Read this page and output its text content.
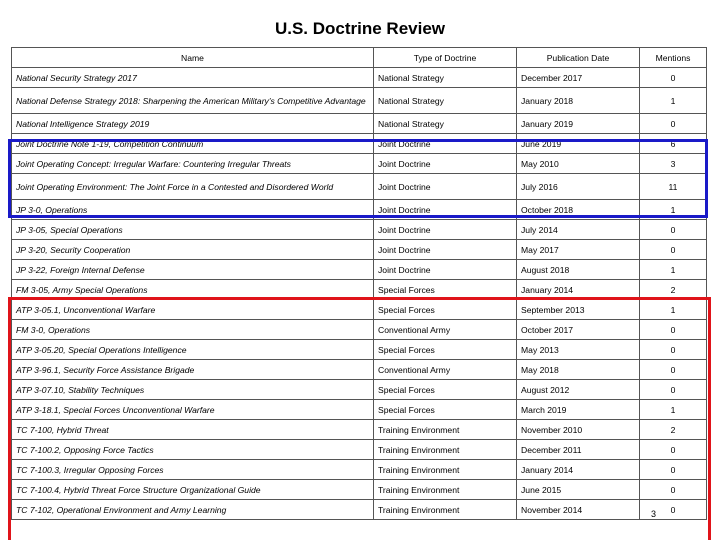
U.S. Doctrine Review
Name	Type of Doctrine	Publication Date	Mentions
National Security Strategy 2017	National Strategy	December 2017	0
National Defense Strategy 2018: Sharpening the American Military's Competitive Advantage	National Strategy	January 2018	1
National Intelligence Strategy 2019	National Strategy	January 2019	0
Joint Doctrine Note 1-19, Competition Continuum	Joint Doctrine	June 2019	6
Joint Operating Concept: Irregular Warfare: Countering Irregular Threats	Joint Doctrine	May 2010	3
Joint Operating Environment: The Joint Force in a Contested and Disordered World	Joint Doctrine	July 2016	11
JP 3-0, Operations	Joint Doctrine	October 2018	1
JP 3-05, Special Operations	Joint Doctrine	July 2014	0
JP 3-20, Security Cooperation	Joint Doctrine	May 2017	0
JP 3-22, Foreign Internal Defense	Joint Doctrine	August 2018	1
FM 3-05, Army Special Operations	Special Forces	January 2014	2
ATP 3-05.1, Unconventional Warfare	Special Forces	September 2013	1
FM 3-0, Operations	Conventional Army	October 2017	0
ATP 3-05.20, Special Operations Intelligence	Special Forces	May 2013	0
ATP 3-96.1, Security Force Assistance Brigade	Conventional Army	May 2018	0
ATP 3-07.10, Stability Techniques	Special Forces	August 2012	0
ATP 3-18.1, Special Forces Unconventional Warfare	Special Forces	March 2019	1
TC 7-100, Hybrid Threat	Training Environment	November 2010	2
TC 7-100.2, Opposing Force Tactics	Training Environment	December 2011	0
TC 7-100.3, Irregular Opposing Forces	Training Environment	January 2014	0
TC 7-100.4, Hybrid Threat Force Structure Organizational Guide	Training Environment	June 2015	0
TC 7-102, Operational Environment and Army Learning	Training Environment	November 2014	0
3
